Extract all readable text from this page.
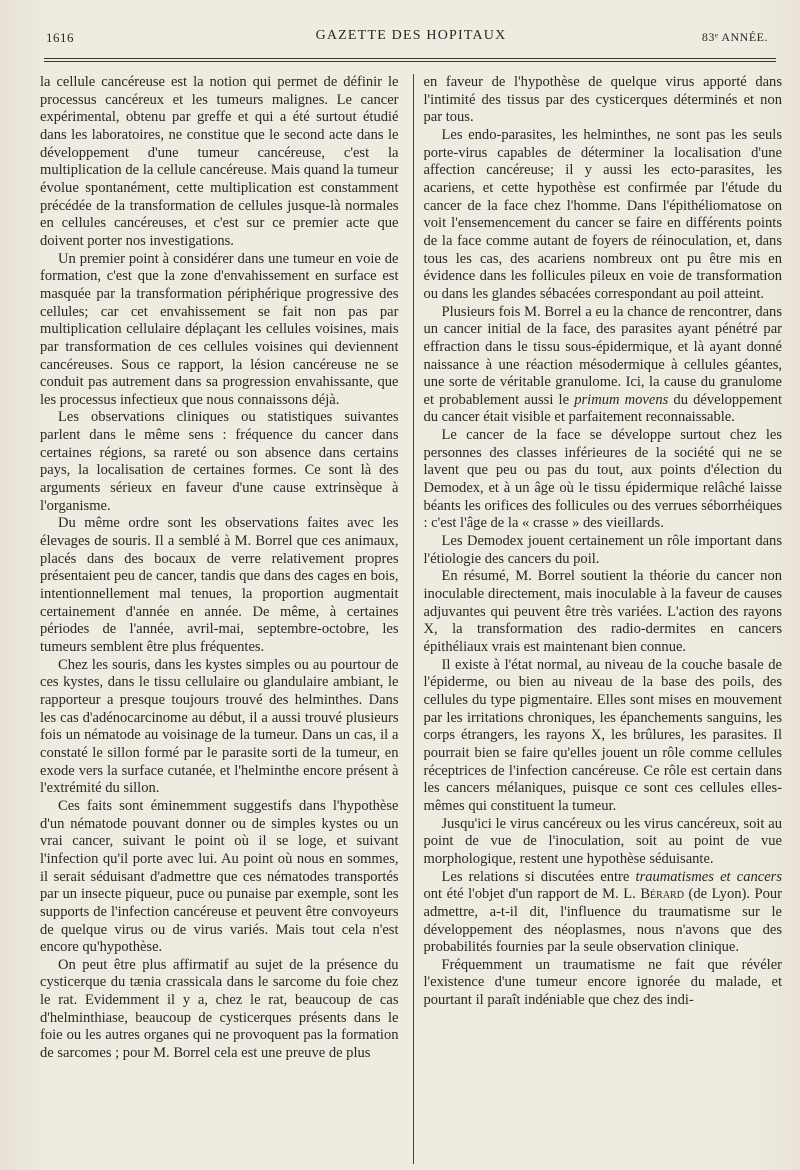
1616	GAZETTE DES HOPITAUX	83ᵉ ANNÉE.

la cellule cancéreuse est la notion qui permet de définir le processus cancéreux et les tumeurs malignes. Le cancer expérimental, obtenu par greffe et qui a été surtout étudié dans les laboratoires, ne constitue que le second acte dans le développement d'une tumeur cancéreuse, c'est la multiplication de la cellule cancéreuse. Mais quand la tumeur évolue spontanément, cette multiplication est constamment précédée de la transformation de cellules jusque-là normales en cellules cancéreuses, et c'est sur ce premier acte que doivent porter nos investigations.

Un premier point à considérer dans une tumeur en voie de formation, c'est que la zone d'envahissement en surface est masquée par la transformation périphérique progressive des cellules; car cet envahissement se fait non pas par multiplication cellulaire déplaçant les cellules voisines, mais par transformation de ces cellules voisines qui deviennent cancéreuses. Sous ce rapport, la lésion cancéreuse ne se conduit pas autrement dans sa progression envahissante, que les processus infectieux que nous connaissons déjà.

Les observations cliniques ou statistiques suivantes parlent dans le même sens : fréquence du cancer dans certaines régions, sa rareté ou son absence dans certains pays, la localisation de certaines formes. Ce sont là des arguments sérieux en faveur d'une cause extrinsèque à l'organisme.

Du même ordre sont les observations faites avec les élevages de souris. Il a semblé à M. Borrel que ces animaux, placés dans des bocaux de verre relativement propres présentaient peu de cancer, tandis que dans des cages en bois, intentionnellement mal tenues, la proportion augmentait certainement d'année en année. De même, à certaines périodes de l'année, avril-mai, septembre-octobre, les tumeurs semblent être plus fréquentes.

Chez les souris, dans les kystes simples ou au pourtour de ces kystes, dans le tissu cellulaire ou glandulaire ambiant, le rapporteur a presque toujours trouvé des helminthes. Dans les cas d'adénocarcinome au début, il a aussi trouvé plusieurs fois un nématode au voisinage de la tumeur. Dans un cas, il a constaté le sillon formé par le parasite sorti de la tumeur, en exode vers la surface cutanée, et l'helminthe encore présent à l'extrémité du sillon.

Ces faits sont éminemment suggestifs dans l'hypothèse d'un nématode pouvant donner ou de simples kystes ou un vrai cancer, suivant le point où il se loge, et suivant l'infection qu'il porte avec lui. Au point où nous en sommes, il serait séduisant d'admettre que ces nématodes transportés par un insecte piqueur, puce ou punaise par exemple, sont les supports de l'infection cancéreuse et peuvent être convoyeurs de quelque virus ou de virus variés. Mais tout cela n'est encore qu'hypothèse.

On peut être plus affirmatif au sujet de la présence du cysticerque du tænia crassicala dans le sarcome du foie chez le rat. Evidemment il y a, chez le rat, beaucoup de cas d'helminthiase, beaucoup de cysticerques présents dans le foie ou les autres organes qui ne provoquent pas la formation de sarcomes ; pour M. Borrel cela est une preuve de plus

en faveur de l'hypothèse de quelque virus apporté dans l'intimité des tissus par des cysticerques déterminés et non par tous.

Les endo-parasites, les helminthes, ne sont pas les seuls porte-virus capables de déterminer la localisation d'une affection cancéreuse; il y aussi les ecto-parasites, les acariens, et cette hypothèse est confirmée par l'étude du cancer de la face chez l'homme. Dans l'épithéliomatose on voit l'ensemencement du cancer se faire en différents points de la face comme autant de foyers de réinoculation, et, dans tous les cas, des acariens nombreux ont pu être mis en évidence dans les follicules pileux en voie de transformation ou dans les glandes sébacées correspondant au poil atteint.

Plusieurs fois M. Borrel a eu la chance de rencontrer, dans un cancer initial de la face, des parasites ayant pénétré par effraction dans le tissu sous-épidermique, et là ayant donné naissance à une réaction mésodermique à cellules géantes, une sorte de véritable granulome. Ici, la cause du granulome et probablement aussi le primum movens du développement du cancer était visible et parfaitement reconnaissable.

Le cancer de la face se développe surtout chez les personnes des classes inférieures de la société qui ne se lavent que peu ou pas du tout, aux points d'élection du Demodex, et à un âge où le tissu épidermique relâché laisse béants les orifices des follicules ou des verrues séborrhéiques : c'est l'âge de la « crasse » des vieillards.

Les Demodex jouent certainement un rôle important dans l'étiologie des cancers du poil.

En résumé, M. Borrel soutient la théorie du cancer non inoculable directement, mais inoculable à la faveur de causes adjuvantes qui peuvent être très variées. L'action des rayons X, la transformation des radio-dermites en cancers épithéliaux vrais est maintenant bien connue.

Il existe à l'état normal, au niveau de la couche basale de l'épiderme, ou bien au niveau de la base des poils, des cellules du type pigmentaire. Elles sont mises en mouvement par les irritations chroniques, les épanchements sanguins, les corps étrangers, les rayons X, les brûlures, les parasites. Il pourrait bien se faire qu'elles jouent un rôle comme cellules réceptrices de l'infection cancéreuse. Ce rôle est certain dans les cancers mélaniques, puisque ce sont ces cellules elles-mêmes qui constituent la tumeur.

Jusqu'ici le virus cancéreux ou les virus cancéreux, soit au point de vue de l'inoculation, soit au point de vue morphologique, restent une hypothèse séduisante.

Les relations si discutées entre traumatismes et cancers ont été l'objet d'un rapport de M. L. Bérard (de Lyon). Pour admettre, a-t-il dit, l'influence du traumatisme sur le développement des néoplasmes, nous n'avons que des probabilités fournies par la seule observation clinique.

Fréquemment un traumatisme ne fait que révéler l'existence d'une tumeur encore ignorée du malade, et pourtant il paraît indéniable que chez des indi-
